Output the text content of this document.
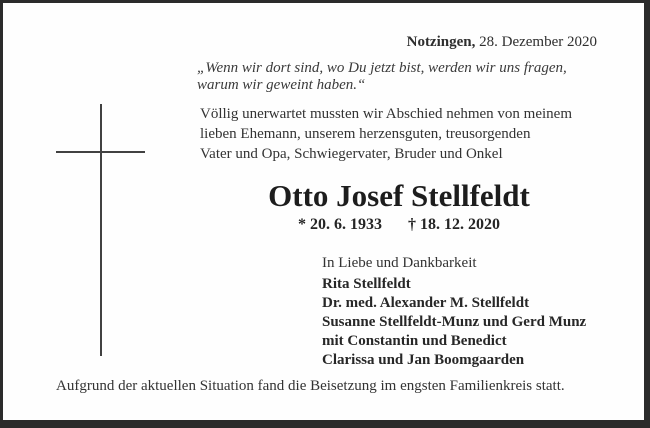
Notzingen, 28. Dezember 2020
„Wenn wir dort sind, wo Du jetzt bist, werden wir uns fragen,
warum wir geweint haben.“
Völlig unerwartet mussten wir Abschied nehmen von meinem
lieben Ehemann, unserem herzensguten, treusorgenden
Vater und Opa, Schwiegervater, Bruder und Onkel
Otto Josef Stellfeldt
* 20. 6. 1933 † 18. 12. 2020
In Liebe und Dankbarkeit
Rita Stellfeldt
Dr. med. Alexander M. Stellfeldt
Susanne Stellfeldt-Munz und Gerd Munz
mit Constantin und Benedict
Clarissa und Jan Boomgaarden
Aufgrund der aktuellen Situation fand die Beisetzung im engsten Familienkreis statt.
